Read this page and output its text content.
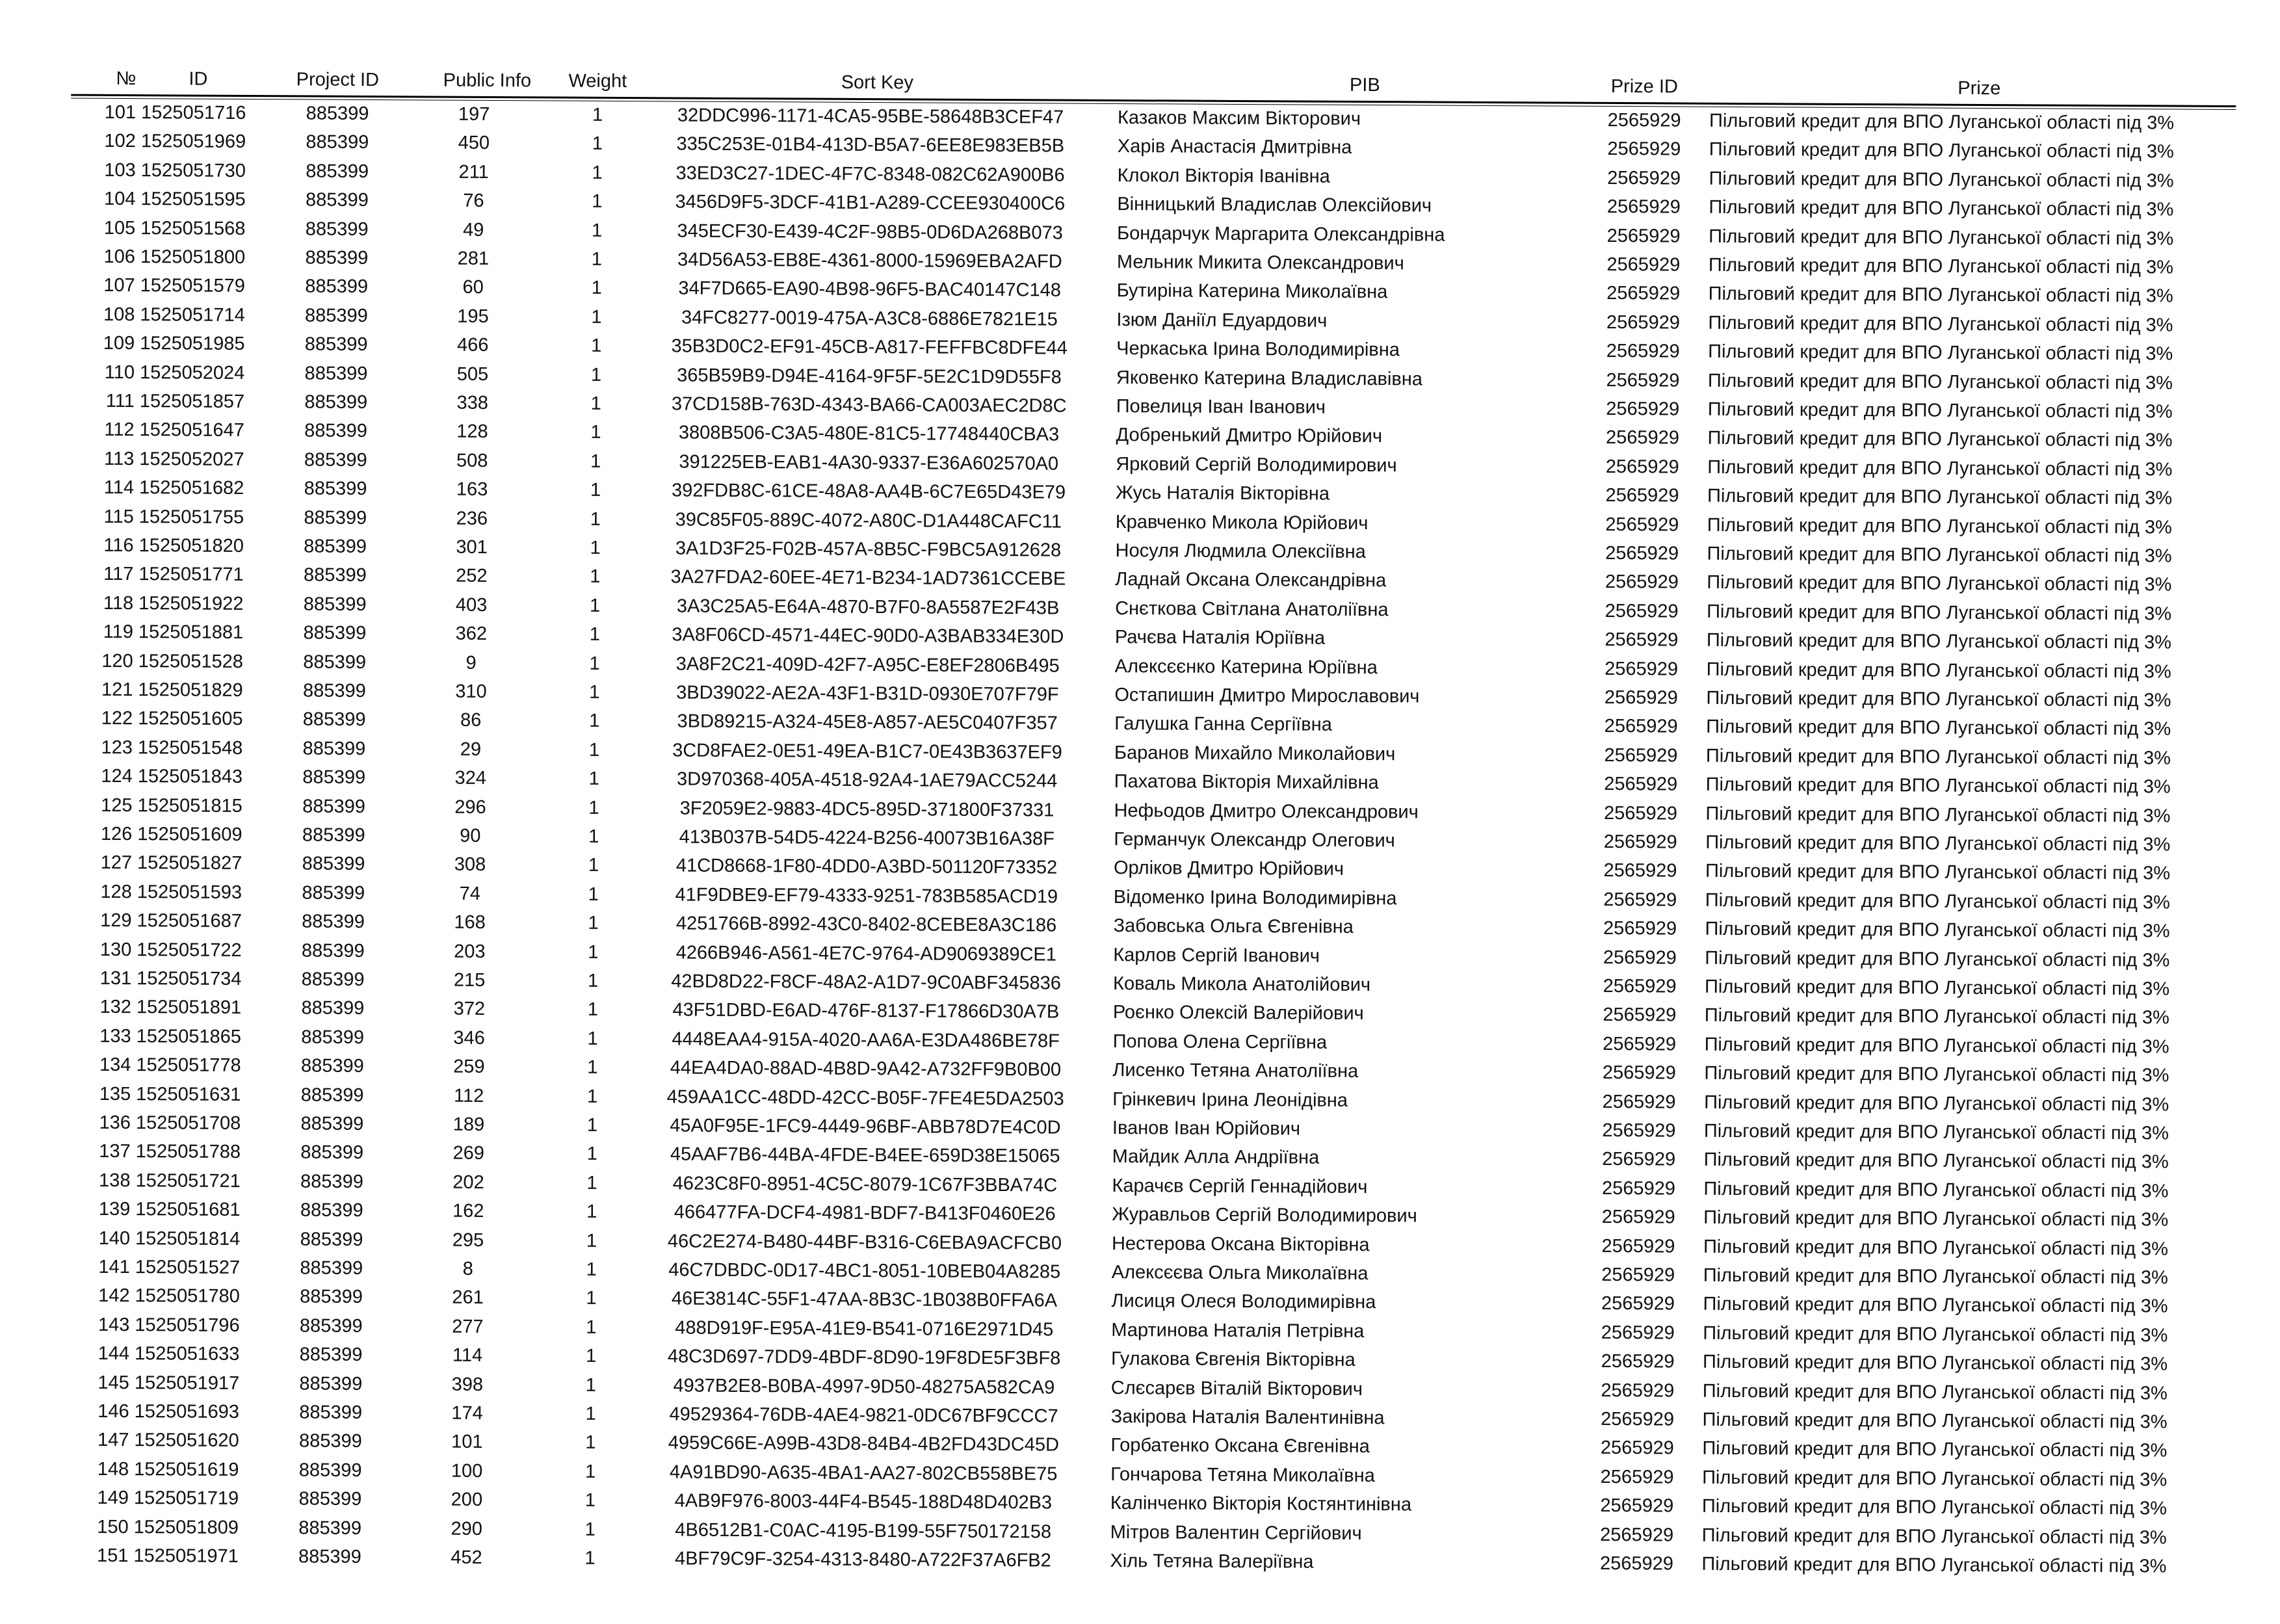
№	ID	Project ID	Public Info	Weight	Sort Key	PIB	Prize ID	Prize
101 1525051716	885399	197	1	32DDC996-1171-4CA5-95BE-58648B3CEF47	Казаков Максим Вікторович	2565929	Пільговий кредит для ВПО Луганської області під 3%
102 1525051969	885399	450	1	335C253E-01B4-413D-B5A7-6EE8E983EB5B	Харів Анастасія Дмитрівна	2565929	Пільговий кредит для ВПО Луганської області під 3%
103 1525051730	885399	211	1	33ED3C27-1DEC-4F7C-8348-082C62A900B6	Клокол Вікторія Іванівна	2565929	Пільговий кредит для ВПО Луганської області під 3%
104 1525051595	885399	76	1	3456D9F5-3DCF-41B1-A289-CCEE930400C6	Вінницький Владислав Олексійович	2565929	Пільговий кредит для ВПО Луганської області під 3%
105 1525051568	885399	49	1	345ECF30-E439-4C2F-98B5-0D6DA268B073	Бондарчук Маргарита Олександрівна	2565929	Пільговий кредит для ВПО Луганської області під 3%
106 1525051800	885399	281	1	34D56A53-EB8E-4361-8000-15969EBA2AFD	Мельник Микита Олександрович	2565929	Пільговий кредит для ВПО Луганської області під 3%
107 1525051579	885399	60	1	34F7D665-EA90-4B98-96F5-BAC40147C148	Бутиріна Катерина Миколаївна	2565929	Пільговий кредит для ВПО Луганської області під 3%
108 1525051714	885399	195	1	34FC8277-0019-475A-A3C8-6886E7821E15	Ізюм Даніїл Едуардович	2565929	Пільговий кредит для ВПО Луганської області під 3%
109 1525051985	885399	466	1	35B3D0C2-EF91-45CB-A817-FEFFBC8DFE44	Черкаська Ірина Володимирівна	2565929	Пільговий кредит для ВПО Луганської області під 3%
110 1525052024	885399	505	1	365B59B9-D94E-4164-9F5F-5E2C1D9D55F8	Яковенко Катерина Владиславівна	2565929	Пільговий кредит для ВПО Луганської області під 3%
111 1525051857	885399	338	1	37CD158B-763D-4343-BA66-CA003AEC2D8C	Повелиця Іван Іванович	2565929	Пільговий кредит для ВПО Луганської області під 3%
112 1525051647	885399	128	1	3808B506-C3A5-480E-81C5-17748440CBA3	Добренький Дмитро Юрійович	2565929	Пільговий кредит для ВПО Луганської області під 3%
113 1525052027	885399	508	1	391225EB-EAB1-4A30-9337-E36A602570A0	Ярковий Сергій Володимирович	2565929	Пільговий кредит для ВПО Луганської області під 3%
114 1525051682	885399	163	1	392FDB8C-61CE-48A8-AA4B-6C7E65D43E79	Жусь Наталія Вікторівна	2565929	Пільговий кредит для ВПО Луганської області під 3%
115 1525051755	885399	236	1	39C85F05-889C-4072-A80C-D1A448CAFC11	Кравченко Микола Юрійович	2565929	Пільговий кредит для ВПО Луганської області під 3%
116 1525051820	885399	301	1	3A1D3F25-F02B-457A-8B5C-F9BC5A912628	Носуля Людмила Олексіївна	2565929	Пільговий кредит для ВПО Луганської області під 3%
117 1525051771	885399	252	1	3A27FDA2-60EE-4E71-B234-1AD7361CCEBE	Ладнай Оксана Олександрівна	2565929	Пільговий кредит для ВПО Луганської області під 3%
118 1525051922	885399	403	1	3A3C25A5-E64A-4870-B7F0-8A5587E2F43B	Снєткова Світлана Анатоліївна	2565929	Пільговий кредит для ВПО Луганської області під 3%
119 1525051881	885399	362	1	3A8F06CD-4571-44EC-90D0-A3BAB334E30D	Рачєва Наталія Юріївна	2565929	Пільговий кредит для ВПО Луганської області під 3%
120 1525051528	885399	9	1	3A8F2C21-409D-42F7-A95C-E8EF2806B495	Алексєєнко Катерина Юріївна	2565929	Пільговий кредит для ВПО Луганської області під 3%
121 1525051829	885399	310	1	3BD39022-AE2A-43F1-B31D-0930E707F79F	Остапишин Дмитро Мирославович	2565929	Пільговий кредит для ВПО Луганської області під 3%
122 1525051605	885399	86	1	3BD89215-A324-45E8-A857-AE5C0407F357	Галушка Ганна Сергіївна	2565929	Пільговий кредит для ВПО Луганської області під 3%
123 1525051548	885399	29	1	3CD8FAE2-0E51-49EA-B1C7-0E43B3637EF9	Баранов Михайло Миколайович	2565929	Пільговий кредит для ВПО Луганської області під 3%
124 1525051843	885399	324	1	3D970368-405A-4518-92A4-1AE79ACC5244	Пахатова Вікторія Михайлівна	2565929	Пільговий кредит для ВПО Луганської області під 3%
125 1525051815	885399	296	1	3F2059E2-9883-4DC5-895D-371800F37331	Нефьодов Дмитро Олександрович	2565929	Пільговий кредит для ВПО Луганської області під 3%
126 1525051609	885399	90	1	413B037B-54D5-4224-B256-40073B16A38F	Германчук Олександр Олегович	2565929	Пільговий кредит для ВПО Луганської області під 3%
127 1525051827	885399	308	1	41CD8668-1F80-4DD0-A3BD-501120F73352	Орліков Дмитро Юрійович	2565929	Пільговий кредит для ВПО Луганської області під 3%
128 1525051593	885399	74	1	41F9DBE9-EF79-4333-9251-783B585ACD19	Відоменко Ірина Володимирівна	2565929	Пільговий кредит для ВПО Луганської області під 3%
129 1525051687	885399	168	1	4251766B-8992-43C0-8402-8CEBE8A3C186	Забовська Ольга Євгенівна	2565929	Пільговий кредит для ВПО Луганської області під 3%
130 1525051722	885399	203	1	4266B946-A561-4E7C-9764-AD9069389CE1	Карлов Сергій Іванович	2565929	Пільговий кредит для ВПО Луганської області під 3%
131 1525051734	885399	215	1	42BD8D22-F8CF-48A2-A1D7-9C0ABF345836	Коваль Микола Анатолійович	2565929	Пільговий кредит для ВПО Луганської області під 3%
132 1525051891	885399	372	1	43F51DBD-E6AD-476F-8137-F17866D30A7B	Роєнко Олексій Валерійович	2565929	Пільговий кредит для ВПО Луганської області під 3%
133 1525051865	885399	346	1	4448EAA4-915A-4020-AA6A-E3DA486BE78F	Попова Олена Сергіївна	2565929	Пільговий кредит для ВПО Луганської області під 3%
134 1525051778	885399	259	1	44EA4DA0-88AD-4B8D-9A42-A732FF9B0B00	Лисенко Тетяна Анатоліївна	2565929	Пільговий кредит для ВПО Луганської області під 3%
135 1525051631	885399	112	1	459AA1CC-48DD-42CC-B05F-7FE4E5DA2503	Грінкевич Ірина Леонідівна	2565929	Пільговий кредит для ВПО Луганської області під 3%
136 1525051708	885399	189	1	45A0F95E-1FC9-4449-96BF-ABB78D7E4C0D	Іванов Іван Юрійович	2565929	Пільговий кредит для ВПО Луганської області під 3%
137 1525051788	885399	269	1	45AAF7B6-44BA-4FDE-B4EE-659D38E15065	Майдик Алла Андріївна	2565929	Пільговий кредит для ВПО Луганської області під 3%
138 1525051721	885399	202	1	4623C8F0-8951-4C5C-8079-1C67F3BBA74C	Карачєв Сергій Геннадійович	2565929	Пільговий кредит для ВПО Луганської області під 3%
139 1525051681	885399	162	1	466477FA-DCF4-4981-BDF7-B413F0460E26	Журавльов Сергій Володимирович	2565929	Пільговий кредит для ВПО Луганської області під 3%
140 1525051814	885399	295	1	46C2E274-B480-44BF-B316-C6EBA9ACFCB0	Нестерова Оксана Вікторівна	2565929	Пільговий кредит для ВПО Луганської області під 3%
141 1525051527	885399	8	1	46C7DBDC-0D17-4BC1-8051-10BEB04A8285	Алексєєва Ольга Миколаївна	2565929	Пільговий кредит для ВПО Луганської області під 3%
142 1525051780	885399	261	1	46E3814C-55F1-47AA-8B3C-1B038B0FFA6A	Лисиця Олеся Володимирівна	2565929	Пільговий кредит для ВПО Луганської області під 3%
143 1525051796	885399	277	1	488D919F-E95A-41E9-B541-0716E2971D45	Мартинова Наталія Петрівна	2565929	Пільговий кредит для ВПО Луганської області під 3%
144 1525051633	885399	114	1	48C3D697-7DD9-4BDF-8D90-19F8DE5F3BF8	Гулакова Євгенія Вікторівна	2565929	Пільговий кредит для ВПО Луганської області під 3%
145 1525051917	885399	398	1	4937B2E8-B0BA-4997-9D50-48275A582CA9	Слєсарєв Віталій Вікторович	2565929	Пільговий кредит для ВПО Луганської області під 3%
146 1525051693	885399	174	1	49529364-76DB-4AE4-9821-0DC67BF9CCC7	Закірова Наталія Валентинівна	2565929	Пільговий кредит для ВПО Луганської області під 3%
147 1525051620	885399	101	1	4959C66E-A99B-43D8-84B4-4B2FD43DC45D	Горбатенко Оксана Євгенівна	2565929	Пільговий кредит для ВПО Луганської області під 3%
148 1525051619	885399	100	1	4A91BD90-A635-4BA1-AA27-802CB558BE75	Гончарова Тетяна Миколаївна	2565929	Пільговий кредит для ВПО Луганської області під 3%
149 1525051719	885399	200	1	4AB9F976-8003-44F4-B545-188D48D402B3	Калінченко Вікторія Костянтинівна	2565929	Пільговий кредит для ВПО Луганської області під 3%
150 1525051809	885399	290	1	4B6512B1-C0AC-4195-B199-55F750172158	Мітров Валентин Сергійович	2565929	Пільговий кредит для ВПО Луганської області під 3%
151 1525051971	885399	452	1	4BF79C9F-3254-4313-8480-A722F37A6FB2	Хіль Тетяна Валеріївна	2565929	Пільговий кредит для ВПО Луганської області під 3%
